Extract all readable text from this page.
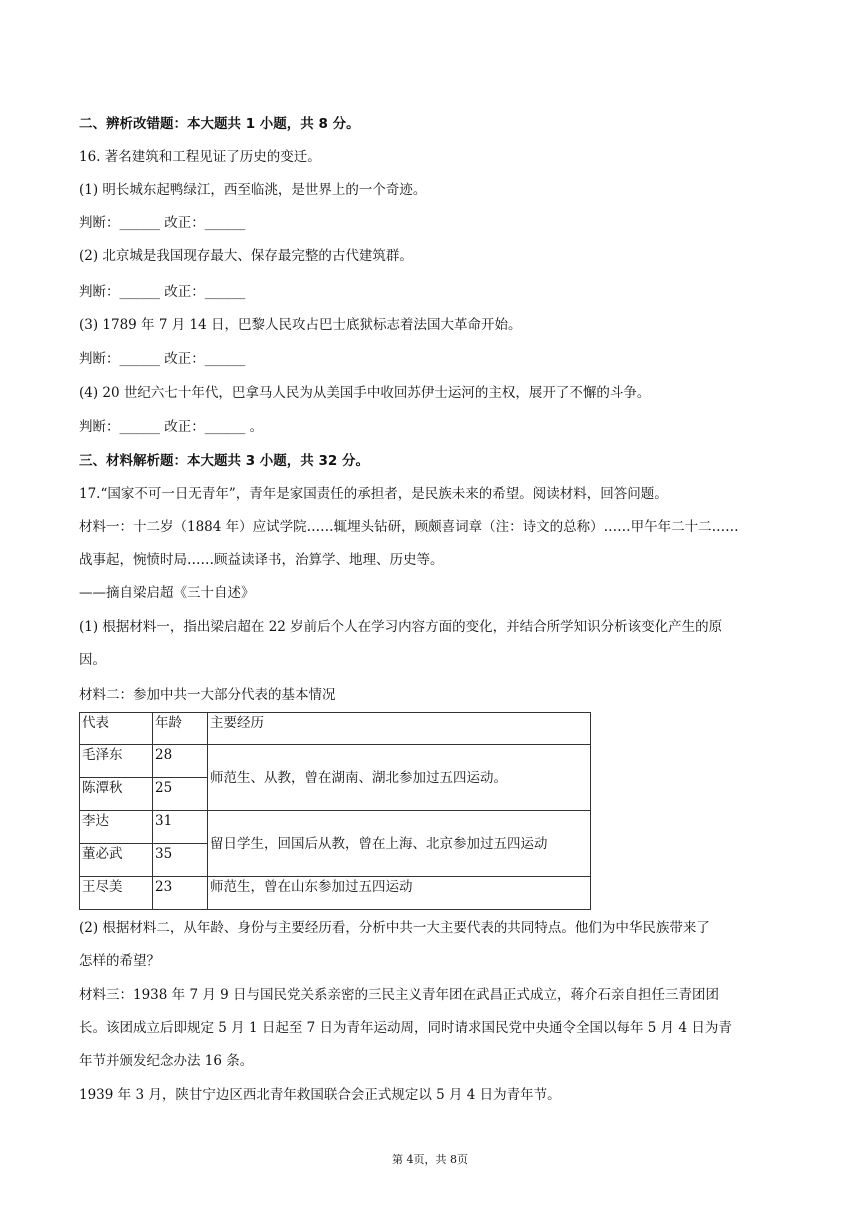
二、辨析改错题：本大题共 1 小题，共 8 分。
16. 著名建筑和工程见证了历史的变迁。
(1) 明长城东起鸭绿江，西至临洮，是世界上的一个奇迹。
判断：______ 改正：______
(2) 北京城是我国现存最大、保存最完整的古代建筑群。
判断：______ 改正：______
(3) 1789 年 7 月 14 日，巴黎人民攻占巴士底狱标志着法国大革命开始。
判断：______ 改正：______
(4) 20 世纪六七十年代，巴拿马人民为从美国手中收回苏伊士运河的主权，展开了不懈的斗争。
判断：______ 改正：______ 。
三、材料解析题：本大题共 3 小题，共 32 分。
17.“国家不可一日无青年”，青年是家国责任的承担者，是民族未来的希望。阅读材料，回答问题。
材料一：十二岁（1884 年）应试学院……辄埋头钻研，顾颇喜词章（注：诗文的总称）……甲午年二十二……
战事起，惋愤时局……顾益读译书，治算学、地理、历史等。
——摘自梁启超《三十自述》
(1) 根据材料一，指出梁启超在 22 岁前后个人在学习内容方面的变化，并结合所学知识分析该变化产生的原
因。
材料二：参加中共一大部分代表的基本情况
代表	年龄	主要经历
毛泽东	28	师范生、从教，曾在湖南、湖北参加过五四运动。
陈潭秋	25	
李达	31	留日学生，回国后从教，曾在上海、北京参加过五四运动
董必武	35	
王尽美	23	师范生，曾在山东参加过五四运动
(2) 根据材料二，从年龄、身份与主要经历看，分析中共一大主要代表的共同特点。他们为中华民族带来了
怎样的希望？
材料三：1938 年 7 月 9 日与国民党关系亲密的三民主义青年团在武昌正式成立，蒋介石亲自担任三青团团
长。该团成立后即规定 5 月 1 日起至 7 日为青年运动周，同时请求国民党中央通令全国以每年 5 月 4 日为青
年节并颁发纪念办法 16 条。
1939 年 3 月，陕甘宁边区西北青年救国联合会正式规定以 5 月 4 日为青年节。
第 4页，共 8页
